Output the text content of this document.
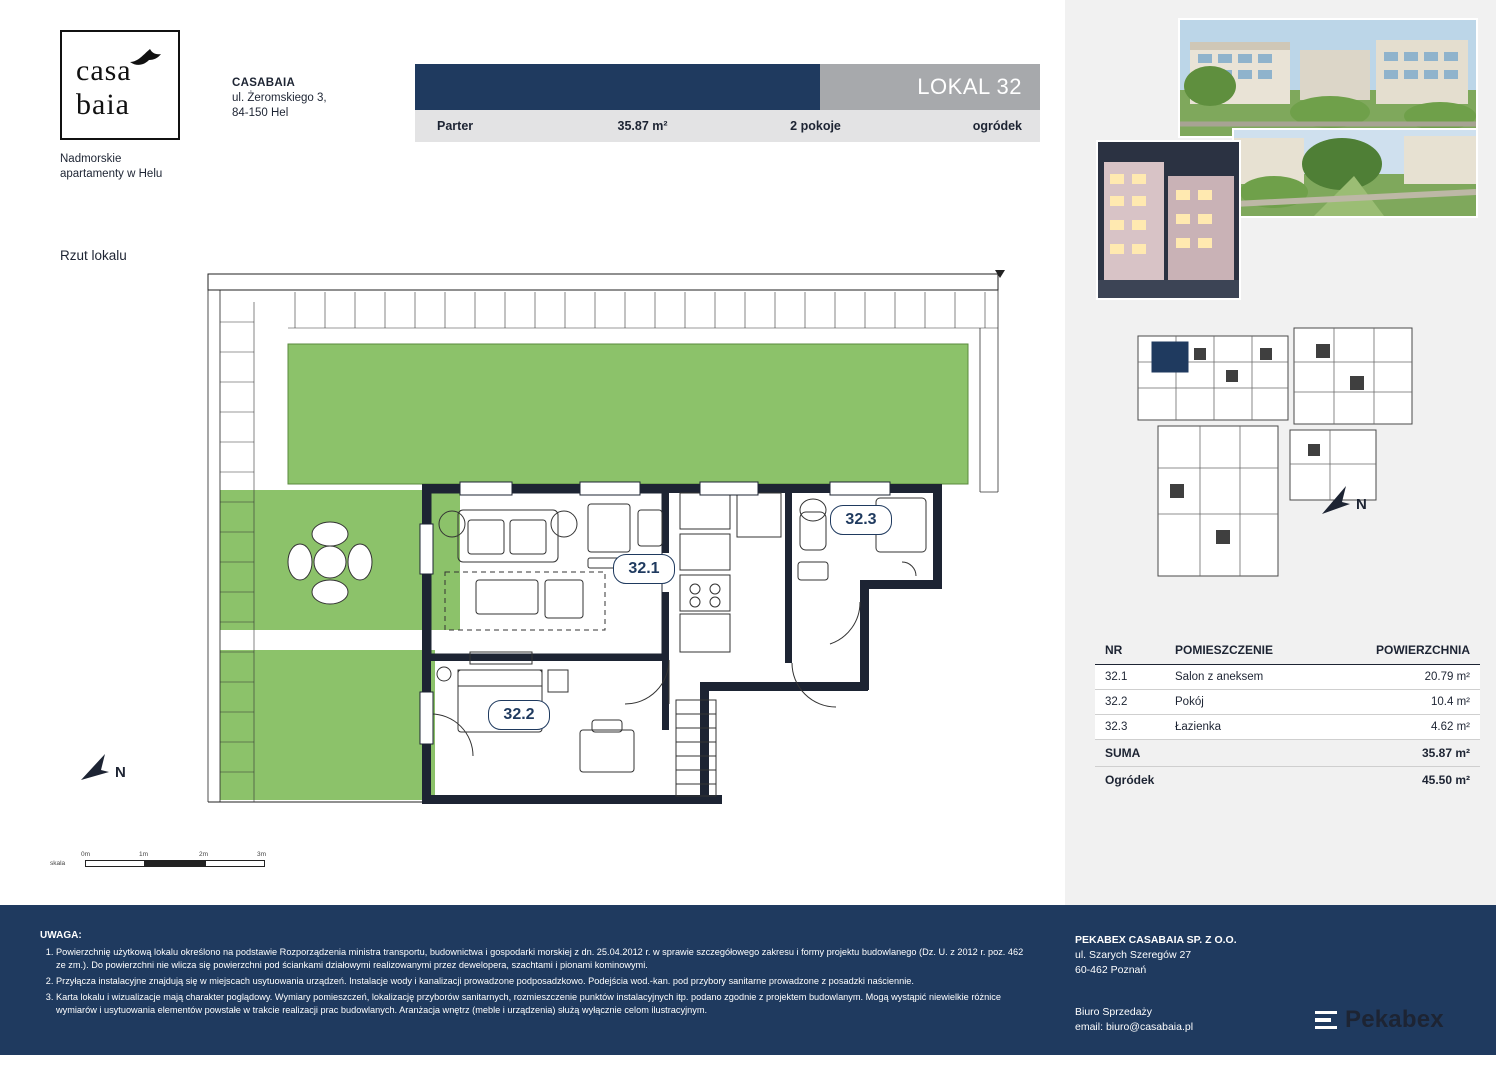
casa
baia
Nadmorskie
apartamenty w Helu
CASABAIA
ul. Żeromskiego 3,
84-150 Hel
LOKAL 32
Parter	35.87 m²	2 pokoje	ogródek
Rzut lokalu
32.1
32.2
32.3
N
skala
0m	1m	2m	3m
N
NR	POMIESZCZENIE	POWIERZCHNIA
32.1	Salon z aneksem	20.79 m²
32.2	Pokój	10.4 m²
32.3	Łazienka	4.62 m²
SUMA		35.87 m²
Ogródek		45.50 m²
UWAGA:
1. Powierzchnię użytkową lokalu określono na podstawie Rozporządzenia ministra transportu, budownictwa i gospodarki morskiej z dn. 25.04.2012 r. w sprawie szczegółowego zakresu i formy projektu budowlanego (Dz. U. z 2012 r. poz. 462 ze zm.). Do powierzchni nie wlicza się powierzchni pod ściankami działowymi realizowanymi przez dewelopera, szachtami i pionami kominowymi.
2. Przyłącza instalacyjne znajdują się w miejscach usytuowania urządzeń. Instalacje wody i kanalizacji prowadzone podposadzkowo. Podejścia wod.-kan. pod przybory sanitarne prowadzone z posadzki naściennie.
3. Karta lokalu i wizualizacje mają charakter poglądowy. Wymiary pomieszczeń, lokalizację przyborów sanitarnych, rozmieszczenie punktów instalacyjnych itp. podano zgodnie z projektem budowlanym. Mogą wystąpić niewielkie różnice wymiarów i usytuowania elementów powstałe w trakcie realizacji prac budowlanych. Aranżacja wnętrz (meble i urządzenia) służą wyłącznie celom ilustracyjnym.
PEKABEX CASABAIA SP. Z O.O.
ul. Szarych Szeregów 27
60-462 Poznań
Biuro Sprzedaży
email: biuro@casabaia.pl	Pekabex
